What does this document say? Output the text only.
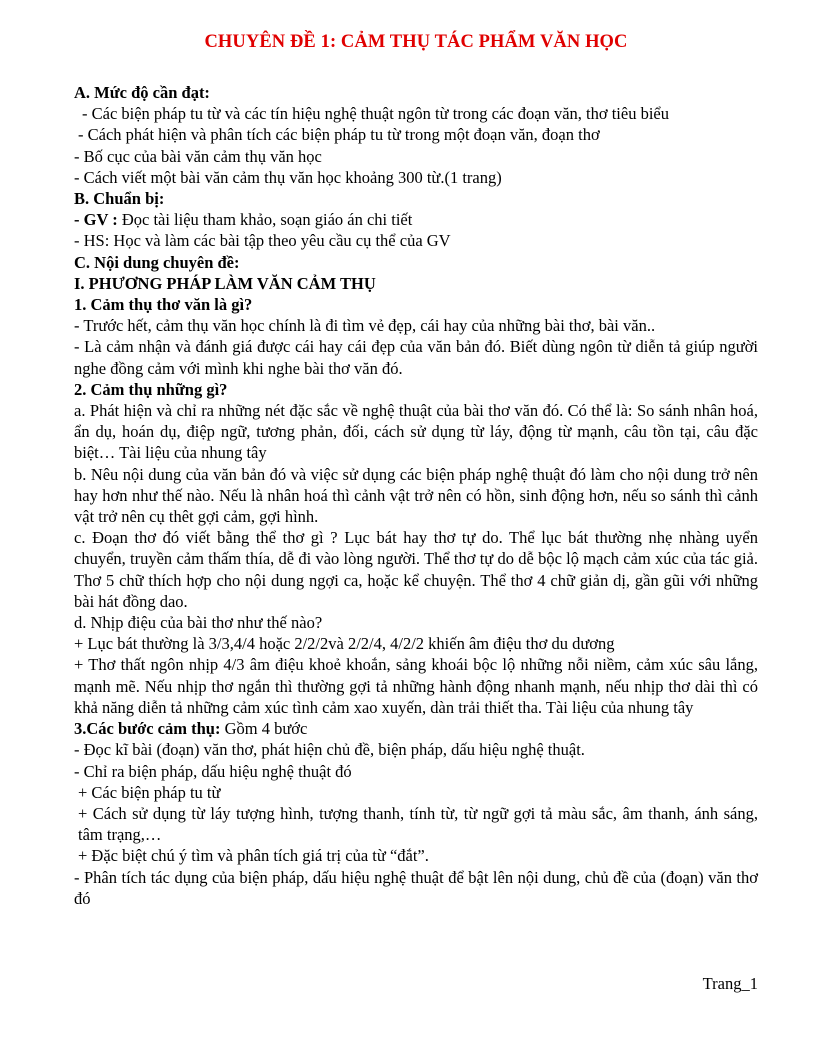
CHUYÊN ĐỀ 1: CẢM THỤ TÁC PHẨM VĂN HỌC

A. Mức độ cần đạt:

- Các biện pháp tu từ và các tín hiệu nghệ thuật ngôn từ trong các đoạn văn, thơ tiêu biểu

- Cách phát hiện và phân tích các biện pháp tu từ trong một đoạn văn, đoạn thơ

- Bố cục của bài văn cảm thụ văn học

- Cách viết một bài văn cảm thụ văn học khoảng 300 từ.(1 trang)

B. Chuẩn bị:

- GV : Đọc tài liệu tham khảo, soạn giáo án chi tiết

- HS: Học và làm các bài tập theo yêu cầu cụ thể của GV

C. Nội dung chuyên đề:

I. PHƯƠNG PHÁP LÀM VĂN CẢM THỤ

1. Cảm thụ thơ văn là gì?

- Trước hết, cảm thụ văn học chính là đi tìm vẻ đẹp, cái hay của những bài thơ, bài văn..

- Là cảm nhận và đánh giá được cái hay cái đẹp của văn bản đó. Biết dùng ngôn từ diễn tả giúp người nghe đồng cảm với mình khi nghe bài thơ văn đó.

2. Cảm thụ những gì?

a. Phát hiện và chỉ ra những nét đặc sắc về nghệ thuật của bài thơ văn đó. Có thể là: So sánh nhân hoá, ẩn dụ, hoán dụ, điệp ngữ, tương phản, đối, cách sử dụng từ láy, động từ mạnh, câu tồn tại, câu đặc biệt… Tài liệu của nhung tây

b. Nêu nội dung của văn bản đó và việc sử dụng các biện pháp nghệ thuật đó làm cho nội dung trở nên hay hơn như thế nào. Nếu là nhân hoá thì cảnh vật trở nên có hồn, sinh động hơn, nếu so sánh thì cảnh vật trở nên cụ thêt gợi cảm, gợi hình.

c. Đoạn thơ đó viết bằng thể thơ gì ? Lục bát hay thơ tự do. Thể lục bát thường nhẹ nhàng uyển chuyển, truyền cảm thấm thía, dễ đi vào lòng người. Thể thơ tự do dễ bộc lộ mạch cảm xúc của tác giả. Thơ 5 chữ thích hợp cho nội dung ngợi ca, hoặc kể chuyện. Thể thơ 4 chữ giản dị, gần gũi với những bài hát đồng dao.

d. Nhịp điệu của bài thơ như thế nào?

+ Lục bát thường là 3/3,4/4 hoặc 2/2/2và 2/2/4, 4/2/2 khiến âm điệu thơ du dương

+ Thơ thất ngôn nhịp 4/3 âm điệu khoẻ khoắn, sảng khoái bộc lộ những nỗi niềm, cảm xúc sâu lắng, mạnh mẽ. Nếu nhịp thơ ngắn thì thường gợi tả những hành động nhanh mạnh, nếu nhịp thơ dài thì có khả năng diễn tả những cảm xúc tình cảm xao xuyến, dàn trải thiết tha. Tài liệu của nhung tây

3.Các bước cảm thụ: Gồm 4 bước

- Đọc kĩ bài (đoạn) văn thơ, phát hiện chủ đề, biện pháp, dấu hiệu nghệ thuật.

- Chỉ ra biện pháp, dấu hiệu nghệ thuật đó

+ Các biện pháp tu từ

+ Cách sử dụng từ láy tượng hình, tượng thanh, tính từ, từ ngữ gợi tả màu sắc, âm thanh, ánh sáng, tâm trạng,…

+ Đặc biệt chú ý tìm và phân tích giá trị của từ “đắt”.

- Phân tích tác dụng của biện pháp, dấu hiệu nghệ thuật để bật lên nội dung, chủ đề của (đoạn) văn thơ đó

Trang_1
